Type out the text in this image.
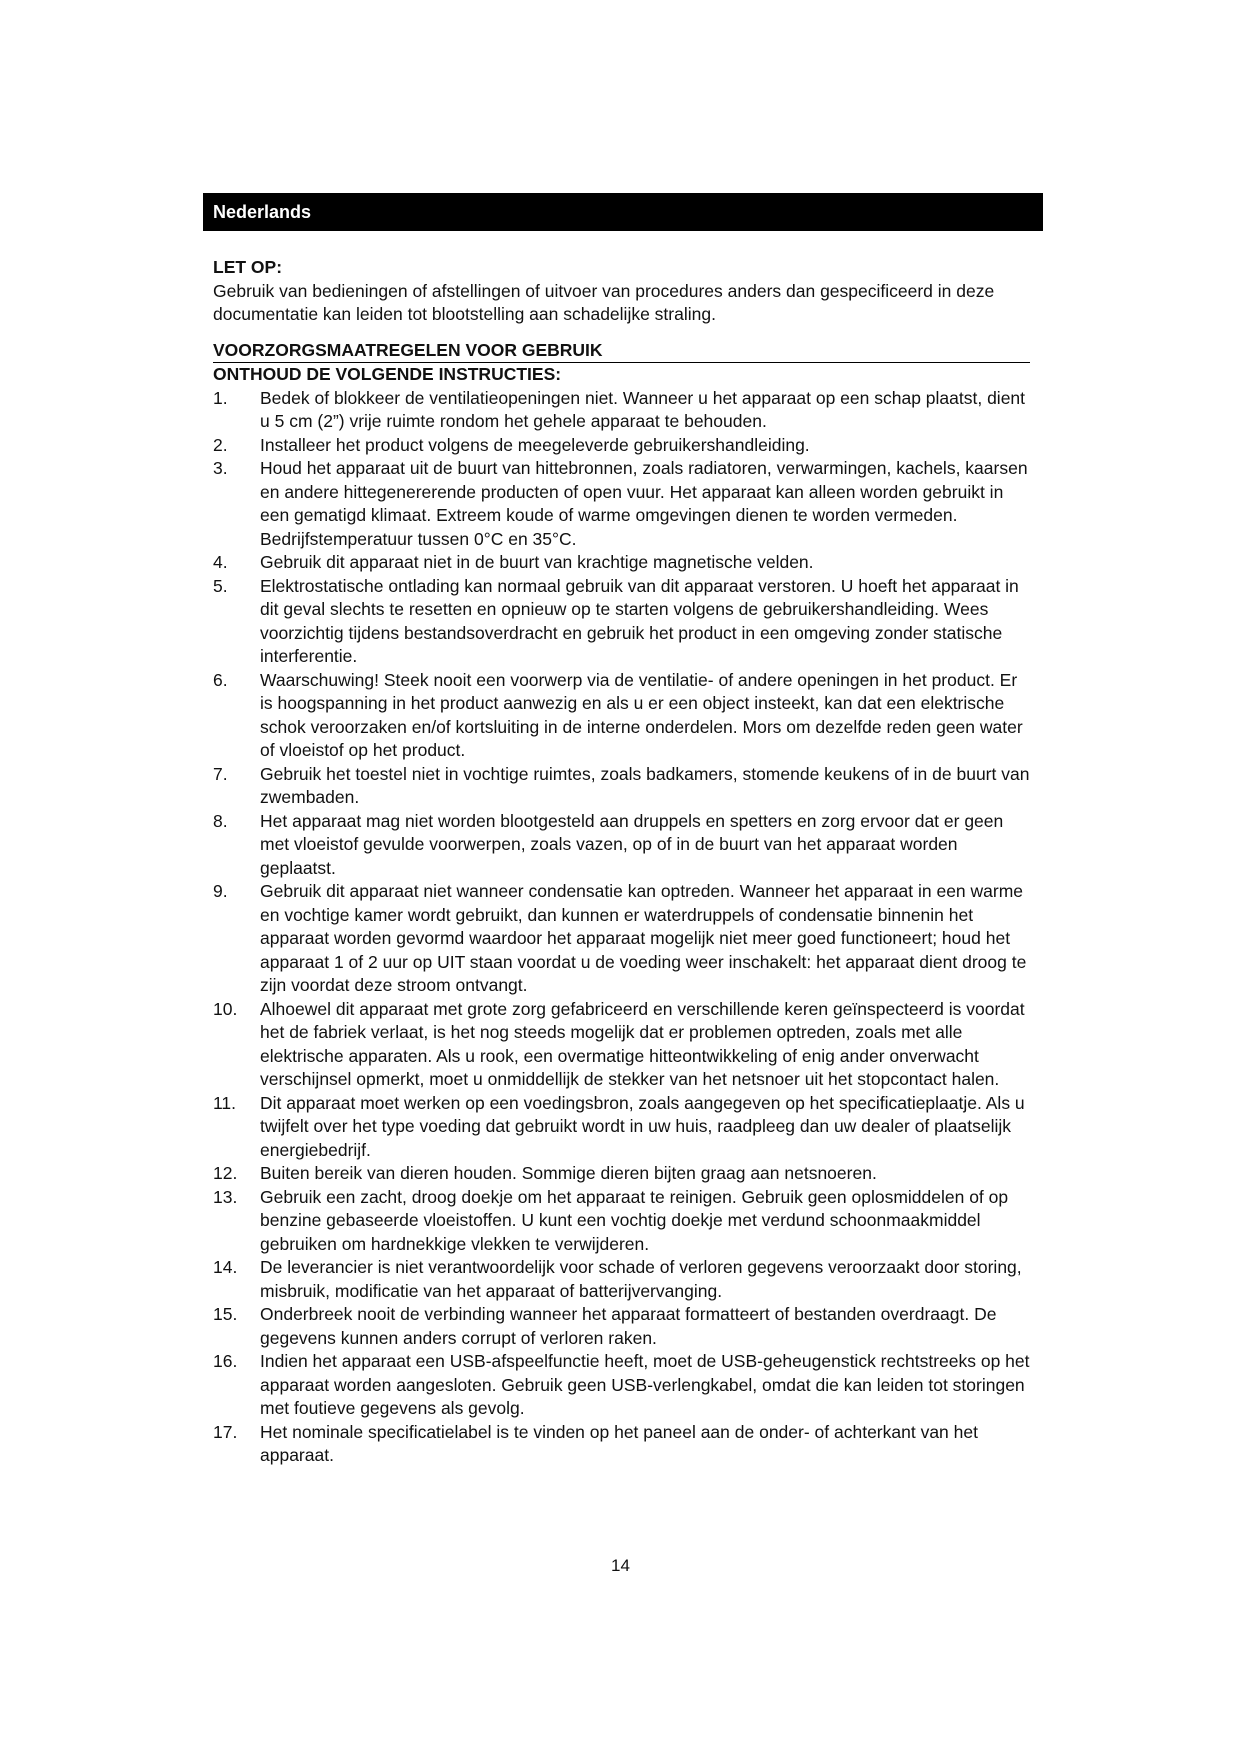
Nederlands

LET OP:

Gebruik van bedieningen of afstellingen of uitvoer van procedures anders dan gespecificeerd in deze documentatie kan leiden tot blootstelling aan schadelijke straling.

VOORZORGSMAATREGELEN VOOR GEBRUIK
ONTHOUD DE VOLGENDE INSTRUCTIES:
1.	Bedek of blokkeer de ventilatieopeningen niet. Wanneer u het apparaat op een schap plaatst, dient u 5 cm (2”) vrije ruimte rondom het gehele apparaat te behouden.
2.	Installeer het product volgens de meegeleverde gebruikershandleiding.
3.	Houd het apparaat uit de buurt van hittebronnen, zoals radiatoren, verwarmingen, kachels, kaarsen en andere hittegenererende producten of open vuur. Het apparaat kan alleen worden gebruikt in een gematigd klimaat. Extreem koude of warme omgevingen dienen te worden vermeden. Bedrijfstemperatuur tussen 0°C en 35°C.
4.	Gebruik dit apparaat niet in de buurt van krachtige magnetische velden.
5.	Elektrostatische ontlading kan normaal gebruik van dit apparaat verstoren. U hoeft het apparaat in dit geval slechts te resetten en opnieuw op te starten volgens de gebruikershandleiding. Wees voorzichtig tijdens bestandsoverdracht en gebruik het product in een omgeving zonder statische interferentie.
6.	Waarschuwing! Steek nooit een voorwerp via de ventilatie- of andere openingen in het product. Er is hoogspanning in het product aanwezig en als u er een object insteekt, kan dat een elektrische schok veroorzaken en/of kortsluiting in de interne onderdelen. Mors om dezelfde reden geen water of vloeistof op het product.
7.	Gebruik het toestel niet in vochtige ruimtes, zoals badkamers, stomende keukens of in de buurt van zwembaden.
8.	Het apparaat mag niet worden blootgesteld aan druppels en spetters en zorg ervoor dat er geen met vloeistof gevulde voorwerpen, zoals vazen, op of in de buurt van het apparaat worden geplaatst.
9.	Gebruik dit apparaat niet wanneer condensatie kan optreden. Wanneer het apparaat in een warme en vochtige kamer wordt gebruikt, dan kunnen er waterdruppels of condensatie binnenin het apparaat worden gevormd waardoor het apparaat mogelijk niet meer goed functioneert; houd het apparaat 1 of 2 uur op UIT staan voordat u de voeding weer inschakelt: het apparaat dient droog te zijn voordat deze stroom ontvangt.
10.	Alhoewel dit apparaat met grote zorg gefabriceerd en verschillende keren geïnspecteerd is voordat het de fabriek verlaat, is het nog steeds mogelijk dat er problemen optreden, zoals met alle elektrische apparaten. Als u rook, een overmatige hitteontwikkeling of enig ander onverwacht verschijnsel opmerkt, moet u onmiddellijk de stekker van het netsnoer uit het stopcontact halen.
11.	Dit apparaat moet werken op een voedingsbron, zoals aangegeven op het specificatieplaatje. Als u twijfelt over het type voeding dat gebruikt wordt in uw huis, raadpleeg dan uw dealer of plaatselijk energiebedrijf.
12.	Buiten bereik van dieren houden. Sommige dieren bijten graag aan netsnoeren.
13.	Gebruik een zacht, droog doekje om het apparaat te reinigen. Gebruik geen oplosmiddelen of op benzine gebaseerde vloeistoffen. U kunt een vochtig doekje met verdund schoonmaakmiddel gebruiken om hardnekkige vlekken te verwijderen.
14.	De leverancier is niet verantwoordelijk voor schade of verloren gegevens veroorzaakt door storing, misbruik, modificatie van het apparaat of batterijvervanging.
15.	Onderbreek nooit de verbinding wanneer het apparaat formatteert of bestanden overdraagt. De gegevens kunnen anders corrupt of verloren raken.
16.	Indien het apparaat een USB-afspeelfunctie heeft, moet de USB-geheugenstick rechtstreeks op het apparaat worden aangesloten. Gebruik geen USB-verlengkabel, omdat die kan leiden tot storingen met foutieve gegevens als gevolg.
17.	Het nominale specificatielabel is te vinden op het paneel aan de onder- of achterkant van het apparaat.
14
